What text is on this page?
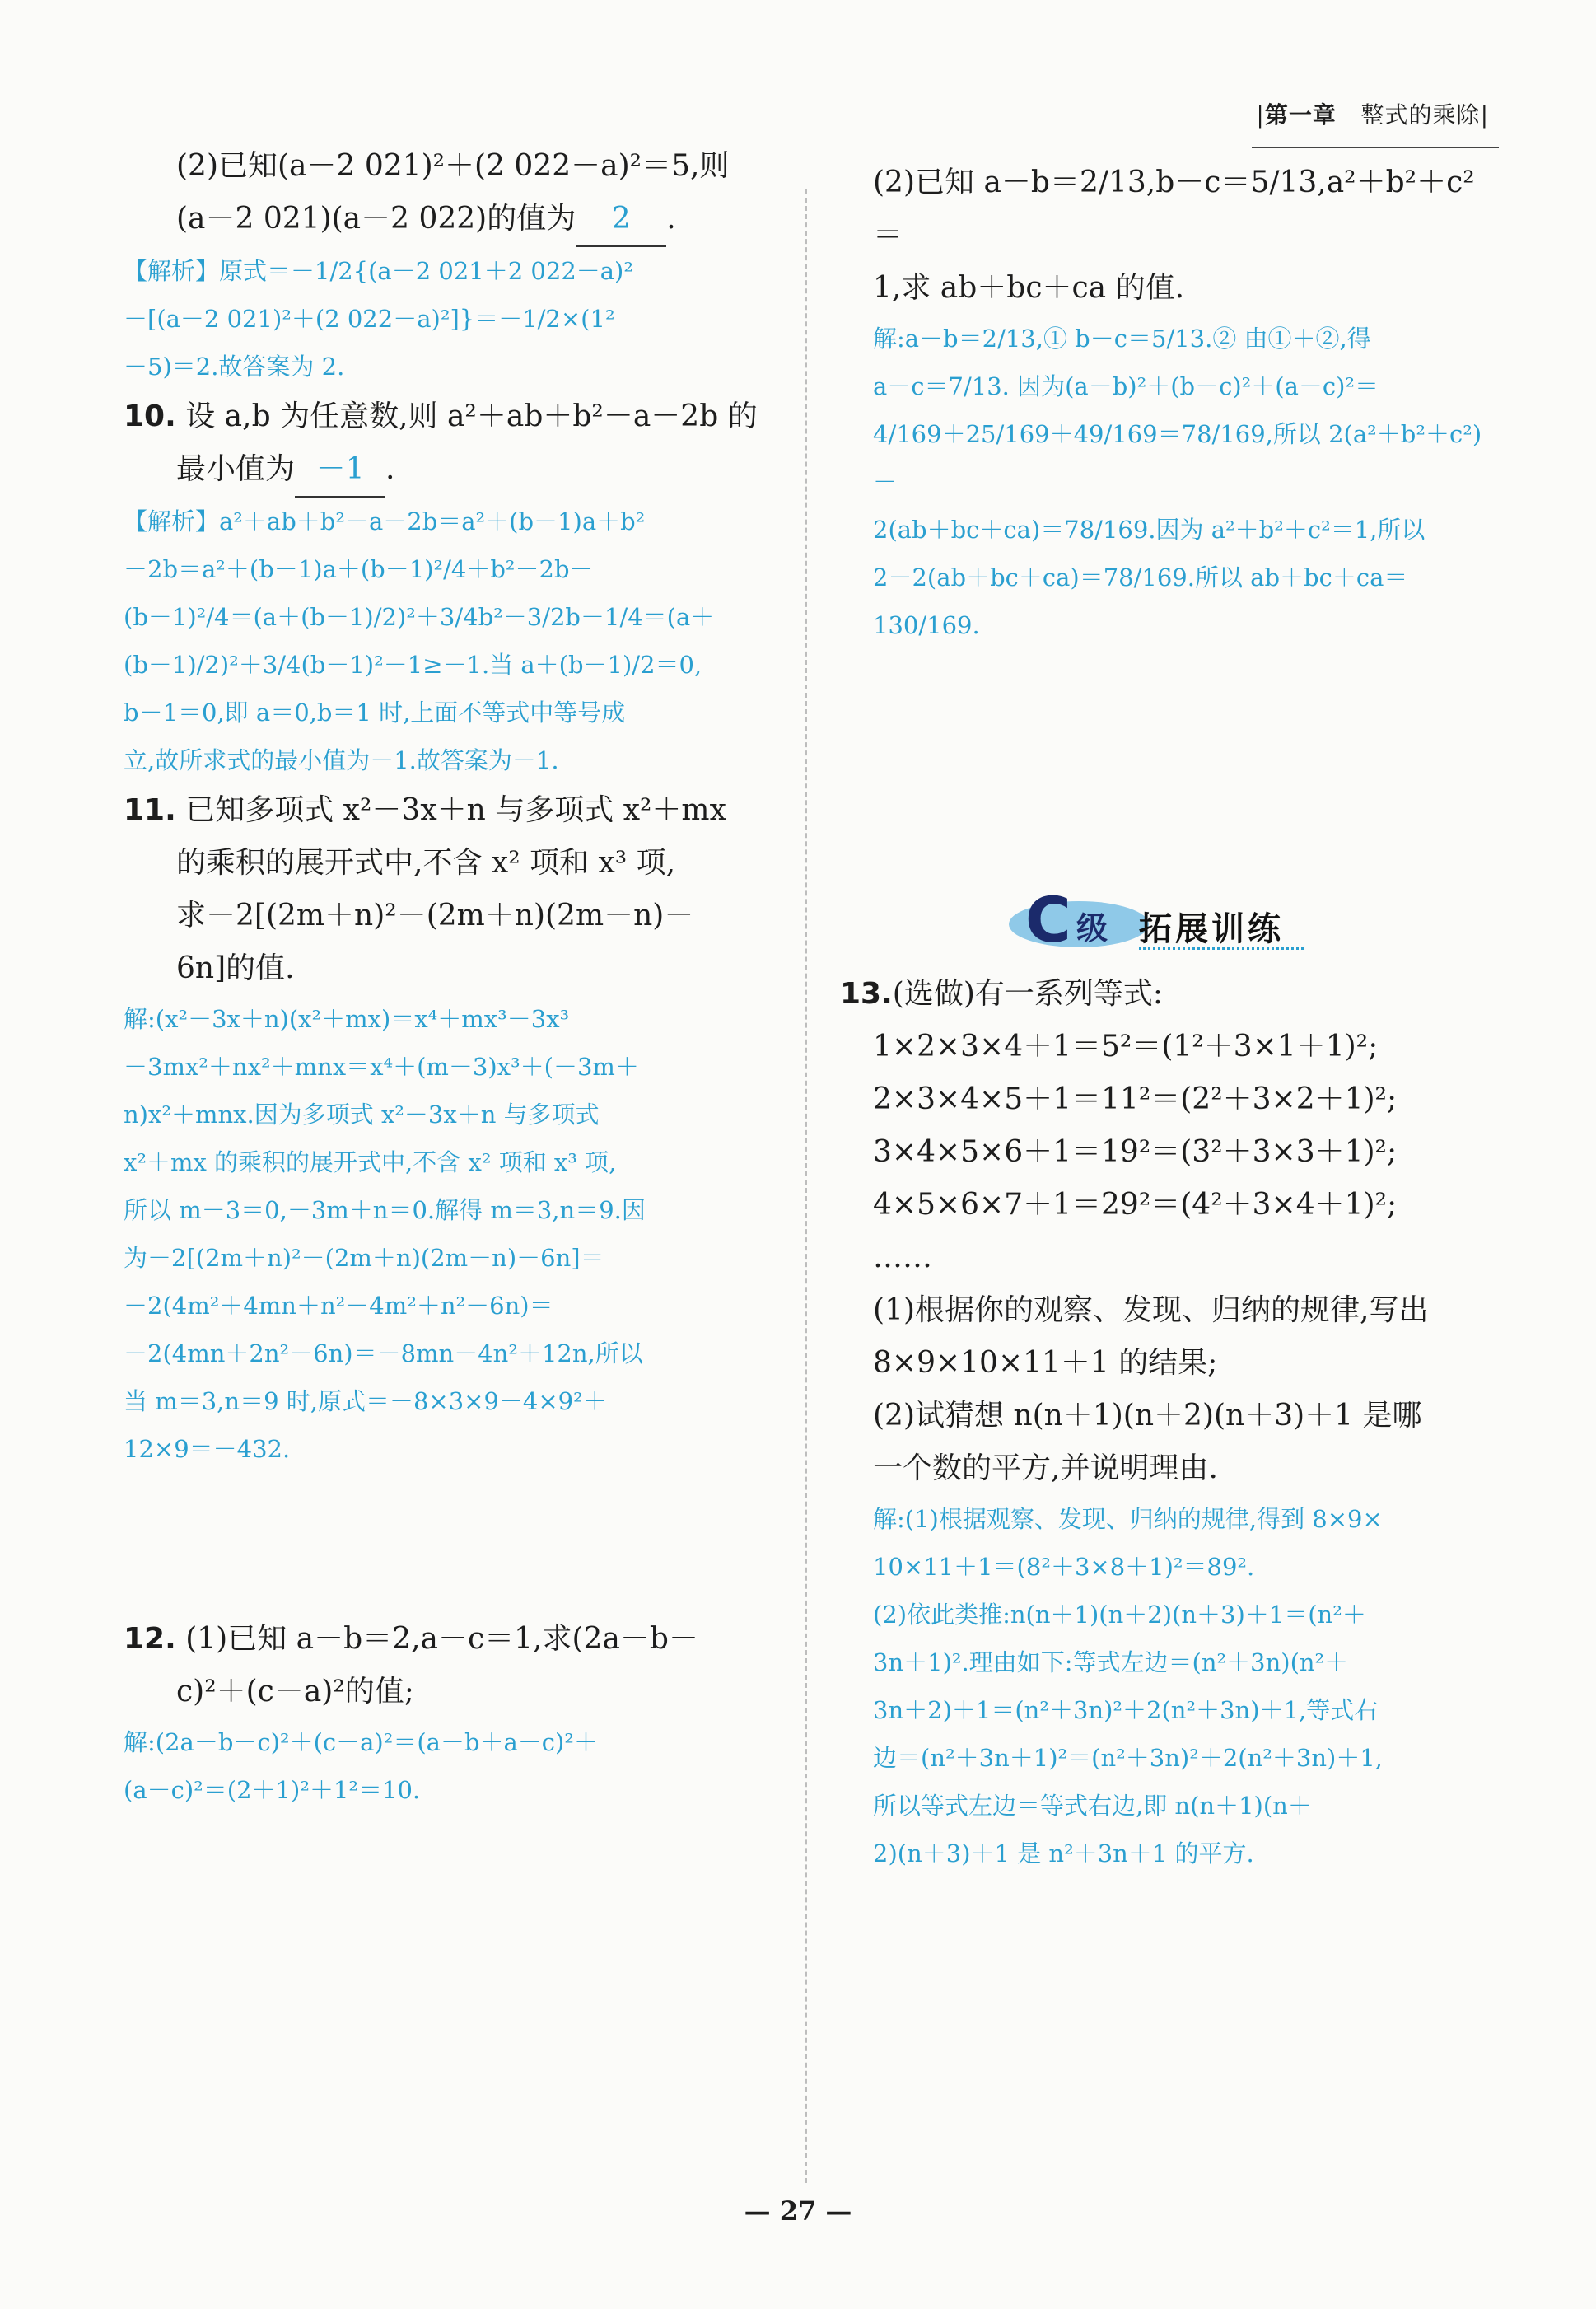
|第一章 整式的乘除|

(2)已知(a－2 021)²＋(2 022－a)²＝5,则

(a－2 021)(a－2 022)的值为 2 .

【解析】原式＝－1/2{(a－2 021＋2 022－a)²

－[(a－2 021)²＋(2 022－a)²]}＝－1/2×(1²

－5)＝2.故答案为 2.

10. 设 a,b 为任意数,则 a²＋ab＋b²－a－2b 的

最小值为 －1 .

【解析】a²＋ab＋b²－a－2b＝a²＋(b－1)a＋b²

－2b＝a²＋(b－1)a＋(b－1)²/4＋b²－2b－

(b－1)²/4＝(a＋(b－1)/2)²＋3/4b²－3/2b－1/4＝(a＋

(b－1)/2)²＋3/4(b－1)²－1≥－1.当 a＋(b－1)/2＝0,

b－1＝0,即 a＝0,b＝1 时,上面不等式中等号成

立,故所求式的最小值为－1.故答案为－1.

11. 已知多项式 x²－3x＋n 与多项式 x²＋mx

的乘积的展开式中,不含 x² 项和 x³ 项,

求－2[(2m＋n)²－(2m＋n)(2m－n)－

6n]的值.

解:(x²－3x＋n)(x²＋mx)＝x⁴＋mx³－3x³

－3mx²＋nx²＋mnx＝x⁴＋(m－3)x³＋(－3m＋

n)x²＋mnx.因为多项式 x²－3x＋n 与多项式

x²＋mx 的乘积的展开式中,不含 x² 项和 x³ 项,

所以 m－3＝0,－3m＋n＝0.解得 m＝3,n＝9.因

为－2[(2m＋n)²－(2m＋n)(2m－n)－6n]＝

－2(4m²＋4mn＋n²－4m²＋n²－6n)＝

－2(4mn＋2n²－6n)＝－8mn－4n²＋12n,所以

当 m＝3,n＝9 时,原式＝－8×3×9－4×9²＋

12×9＝－432.

12. (1)已知 a－b＝2,a－c＝1,求(2a－b－

c)²＋(c－a)²的值;

解:(2a－b－c)²＋(c－a)²＝(a－b＋a－c)²＋

(a－c)²＝(2＋1)²＋1²＝10.

(2)已知 a－b＝2/13,b－c＝5/13,a²＋b²＋c²＝

1,求 ab＋bc＋ca 的值.

解:a－b＝2/13,① b－c＝5/13.② 由①＋②,得

a－c＝7/13. 因为(a－b)²＋(b－c)²＋(a－c)²＝

4/169＋25/169＋49/169＝78/169,所以 2(a²＋b²＋c²)－

2(ab＋bc＋ca)＝78/169.因为 a²＋b²＋c²＝1,所以

2－2(ab＋bc＋ca)＝78/169.所以 ab＋bc＋ca＝130/169.

C 级 拓展训练

13.(选做)有一系列等式:

1×2×3×4＋1＝5²＝(1²＋3×1＋1)²;

2×3×4×5＋1＝11²＝(2²＋3×2＋1)²;

3×4×5×6＋1＝19²＝(3²＋3×3＋1)²;

4×5×6×7＋1＝29²＝(4²＋3×4＋1)²;

……

(1)根据你的观察、发现、归纳的规律,写出

8×9×10×11＋1 的结果;

(2)试猜想 n(n＋1)(n＋2)(n＋3)＋1 是哪

一个数的平方,并说明理由.

解:(1)根据观察、发现、归纳的规律,得到 8×9×

10×11＋1＝(8²＋3×8＋1)²＝89².

(2)依此类推:n(n＋1)(n＋2)(n＋3)＋1＝(n²＋

3n＋1)².理由如下:等式左边＝(n²＋3n)(n²＋

3n＋2)＋1＝(n²＋3n)²＋2(n²＋3n)＋1,等式右

边＝(n²＋3n＋1)²＝(n²＋3n)²＋2(n²＋3n)＋1,

所以等式左边＝等式右边,即 n(n＋1)(n＋

2)(n＋3)＋1 是 n²＋3n＋1 的平方.

— 27 —
